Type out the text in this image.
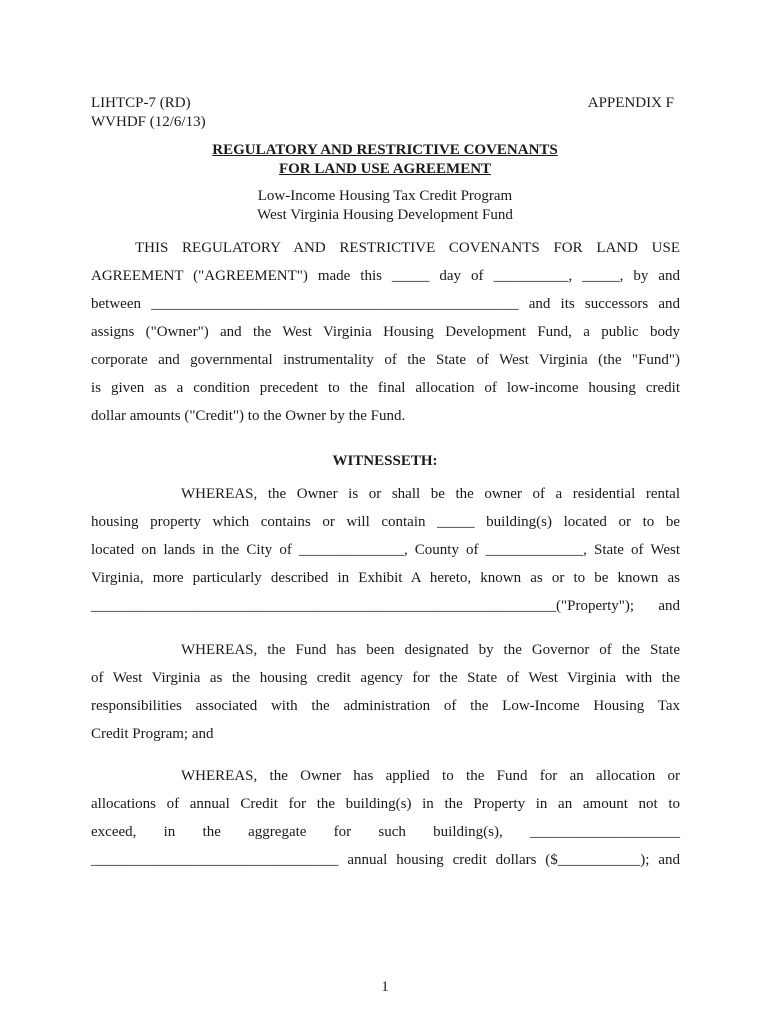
LIHTCP-7 (RD)
WVHDF (12/6/13)
APPENDIX F
REGULATORY AND RESTRICTIVE COVENANTS
FOR LAND USE AGREEMENT
Low-Income Housing Tax Credit Program
West Virginia Housing Development Fund
THIS REGULATORY AND RESTRICTIVE COVENANTS FOR LAND USE
AGREEMENT ("AGREEMENT") made this _____ day of __________, _____, by and
between _________________________________________________ and its successors and
assigns ("Owner") and the West Virginia Housing Development Fund, a public body
corporate and governmental instrumentality of the State of West Virginia (the "Fund")
is given as a condition precedent to the final allocation of low-income housing credit
dollar amounts ("Credit") to the Owner by the Fund.
WITNESSETH:
WHEREAS, the Owner is or shall be the owner of a residential rental
housing property which contains or will contain _____ building(s) located or to be
located on lands in the City of ______________, County of _____________, State of West
Virginia, more particularly described in Exhibit A hereto, known as or to be known as
______________________________________________________________("Property"); and
WHEREAS, the Fund has been designated by the Governor of the State
of West Virginia as the housing credit agency for the State of West Virginia with the
responsibilities associated with the administration of the Low-Income Housing Tax
Credit Program; and
WHEREAS, the Owner has applied to the Fund for an allocation or
allocations of annual Credit for the building(s) in the Property in an amount not to
exceed, in the aggregate for such building(s), ____________________
_________________________________ annual housing credit dollars ($___________); and
1
